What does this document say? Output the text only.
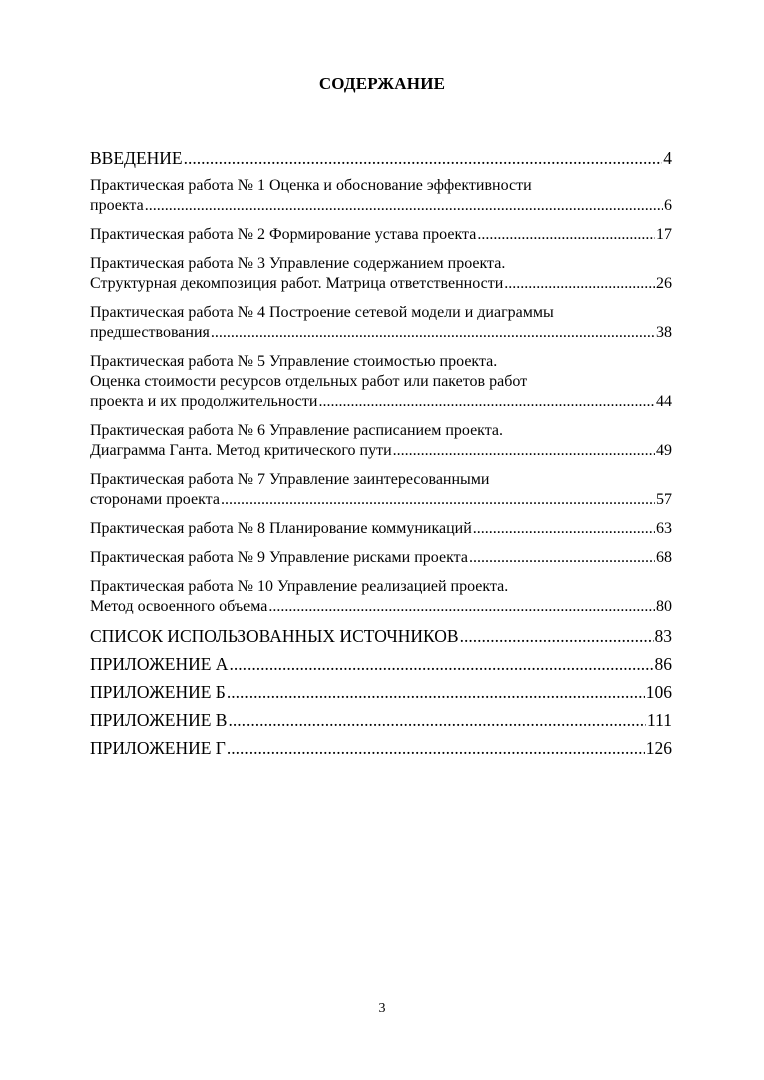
СОДЕРЖАНИЕ
ВВЕДЕНИЕ .....	4
Практическая работа № 1 Оценка и обоснование эффективности
проекта .....	6
Практическая работа № 2 Формирование устава проекта .....	17
Практическая работа № 3 Управление содержанием проекта.
Структурная декомпозиция работ. Матрица ответственности .....	26
Практическая работа № 4 Построение сетевой модели и диаграммы
предшествования .....	38
Практическая работа № 5 Управление стоимостью проекта.
Оценка стоимости ресурсов отдельных работ или пакетов работ
проекта и их продолжительности .....	44
Практическая работа № 6 Управление расписанием проекта.
Диаграмма Ганта. Метод критического пути .....	49
Практическая работа № 7 Управление заинтересованными
сторонами проекта .....	57
Практическая работа № 8 Планирование коммуникаций .....	63
Практическая работа № 9 Управление рисками проекта .....	68
Практическая работа № 10 Управление реализацией проекта.
Метод освоенного объема .....	80
СПИСОК ИСПОЛЬЗОВАННЫХ ИСТОЧНИКОВ .....	83
ПРИЛОЖЕНИЕ А .....	86
ПРИЛОЖЕНИЕ Б .....	106
ПРИЛОЖЕНИЕ В .....	111
ПРИЛОЖЕНИЕ Г .....	126
3
